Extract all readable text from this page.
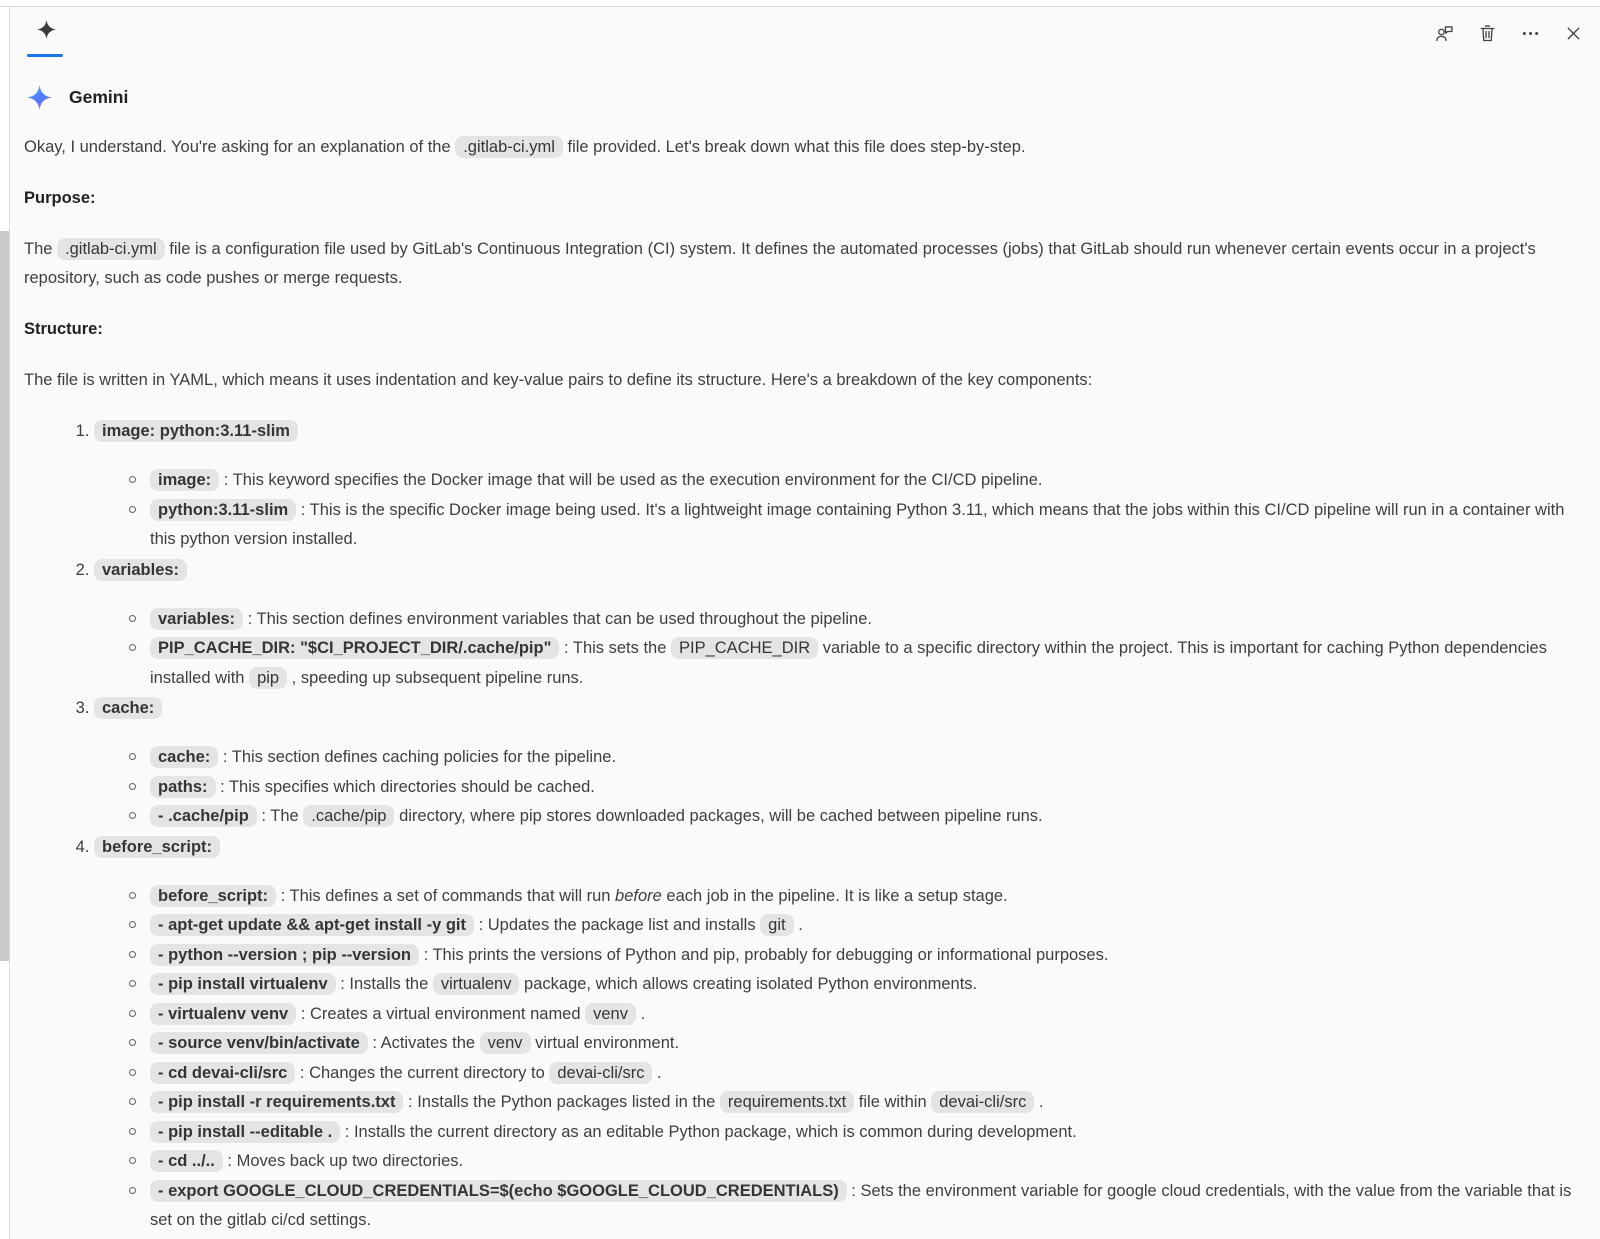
Gemini
Okay, I understand. You're asking for an explanation of the .gitlab-ci.yml file provided. Let's break down what this file does step-by-step.
Purpose:
The .gitlab-ci.yml file is a configuration file used by GitLab's Continuous Integration (CI) system. It defines the automated processes (jobs) that GitLab should run whenever certain events occur in a project's repository, such as code pushes or merge requests.
Structure:
The file is written in YAML, which means it uses indentation and key-value pairs to define its structure. Here's a breakdown of the key components:
1. image: python:3.11-slim
image: : This keyword specifies the Docker image that will be used as the execution environment for the CI/CD pipeline.
python:3.11-slim : This is the specific Docker image being used. It's a lightweight image containing Python 3.11, which means that the jobs within this CI/CD pipeline will run in a container with this python version installed.
2. variables:
variables: : This section defines environment variables that can be used throughout the pipeline.
PIP_CACHE_DIR: "$CI_PROJECT_DIR/.cache/pip" : This sets the PIP_CACHE_DIR variable to a specific directory within the project. This is important for caching Python dependencies installed with pip , speeding up subsequent pipeline runs.
3. cache:
cache: : This section defines caching policies for the pipeline.
paths: : This specifies which directories should be cached.
- .cache/pip : The .cache/pip directory, where pip stores downloaded packages, will be cached between pipeline runs.
4. before_script:
before_script: : This defines a set of commands that will run before each job in the pipeline. It is like a setup stage.
- apt-get update && apt-get install -y git : Updates the package list and installs git .
- python --version ; pip --version : This prints the versions of Python and pip, probably for debugging or informational purposes.
- pip install virtualenv : Installs the virtualenv package, which allows creating isolated Python environments.
- virtualenv venv : Creates a virtual environment named venv .
- source venv/bin/activate : Activates the venv virtual environment.
- cd devai-cli/src : Changes the current directory to devai-cli/src .
- pip install -r requirements.txt : Installs the Python packages listed in the requirements.txt file within devai-cli/src .
- pip install --editable . : Installs the current directory as an editable Python package, which is common during development.
- cd ../.. : Moves back up two directories.
- export GOOGLE_CLOUD_CREDENTIALS=$(echo $GOOGLE_CLOUD_CREDENTIALS) : Sets the environment variable for google cloud credentials, with the value from the variable that is set on the gitlab ci/cd settings.
